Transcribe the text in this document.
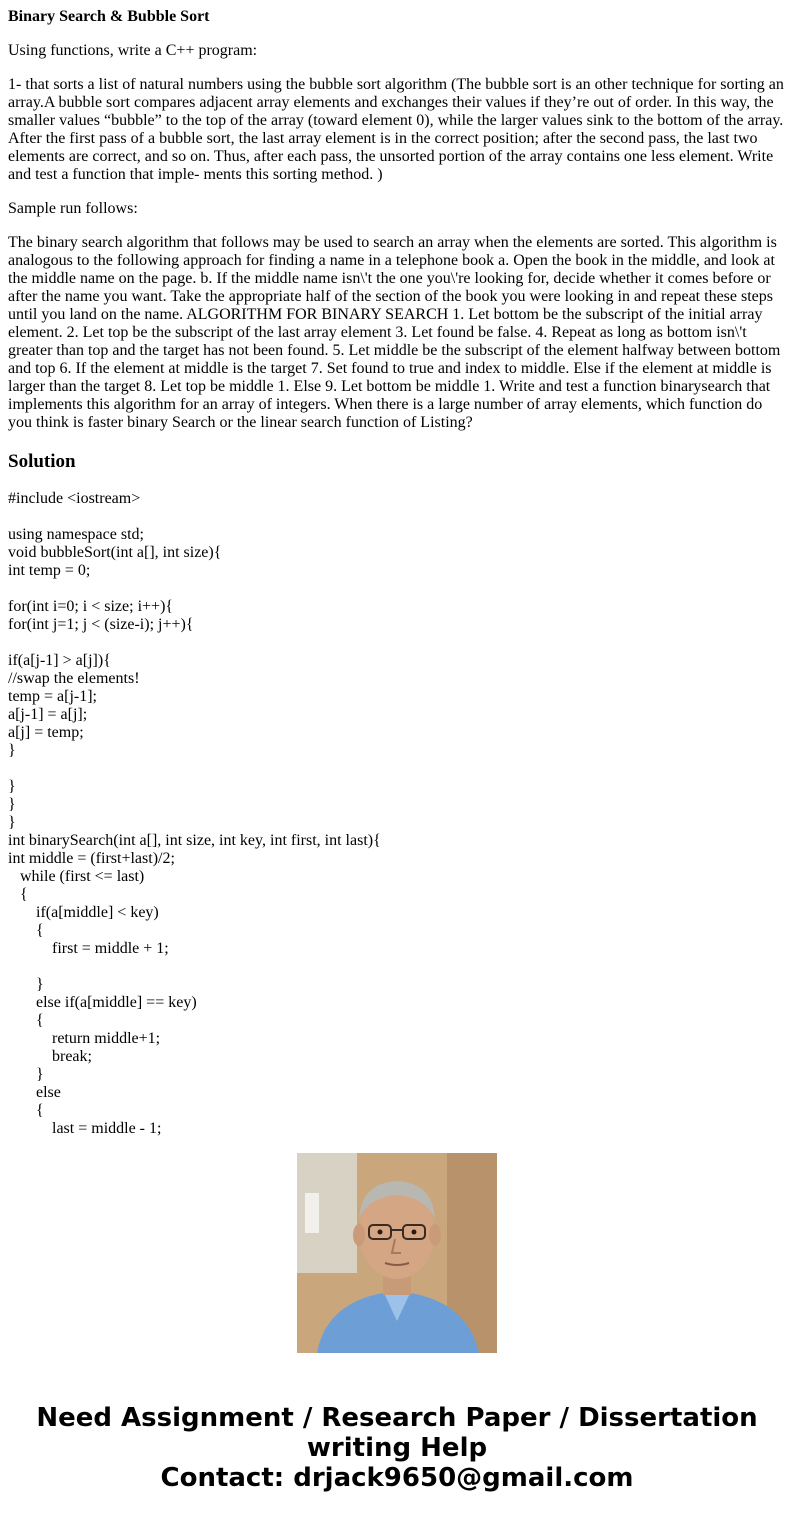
Binary Search & Bubble Sort
Using functions, write a C++ program:
1- that sorts a list of natural numbers using the bubble sort algorithm (The bubble sort is an other technique for sorting an array.A bubble sort compares adjacent array elements and exchanges their values if they’re out of order. In this way, the smaller values “bubble” to the top of the array (toward element 0), while the larger values sink to the bottom of the array. After the first pass of a bubble sort, the last array element is in the correct position; after the second pass, the last two elements are correct, and so on. Thus, after each pass, the unsorted portion of the array contains one less element. Write and test a function that imple- ments this sorting method. )
Sample run follows:
The binary search algorithm that follows may be used to search an array when the elements are sorted. This algorithm is analogous to the following approach for finding a name in a telephone book a. Open the book in the middle, and look at the middle name on the page. b. If the middle name isn\'t the one you\'re looking for, decide whether it comes before or after the name you want. Take the appropriate half of the section of the book you were looking in and repeat these steps until you land on the name. ALGORITHM FOR BINARY SEARCH 1. Let bottom be the subscript of the initial array element. 2. Let top be the subscript of the last array element 3. Let found be false. 4. Repeat as long as bottom isn\'t greater than top and the target has not been found. 5. Let middle be the subscript of the element halfway between bottom and top 6. If the element at middle is the target 7. Set found to true and index to middle. Else if the element at middle is larger than the target 8. Let top be middle 1. Else 9. Let bottom be middle 1. Write and test a function binarysearch that implements this algorithm for an array of integers. When there is a large number of array elements, which function do you think is faster binary Search or the linear search function of Listing?
Solution
#include <iostream>

using namespace std;
void bubbleSort(int a[], int size){
int temp = 0;

for(int i=0; i < size; i++){
for(int j=1; j < (size-i); j++){

if(a[j-1] > a[j]){
//swap the elements!
temp = a[j-1];
a[j-1] = a[j];
a[j] = temp;
}

}
}
}
int binarySearch(int a[], int size, int key, int first, int last){
int middle = (first+last)/2;
while (first <= last)
{
if(a[middle] < key)
{
first = middle + 1;

}
else if(a[middle] == key)
{
return middle+1;
break;
}
else
{
last = middle - 1;
Need Assignment / Research Paper / Dissertation
writing Help
Contact: drjack9650@gmail.com
